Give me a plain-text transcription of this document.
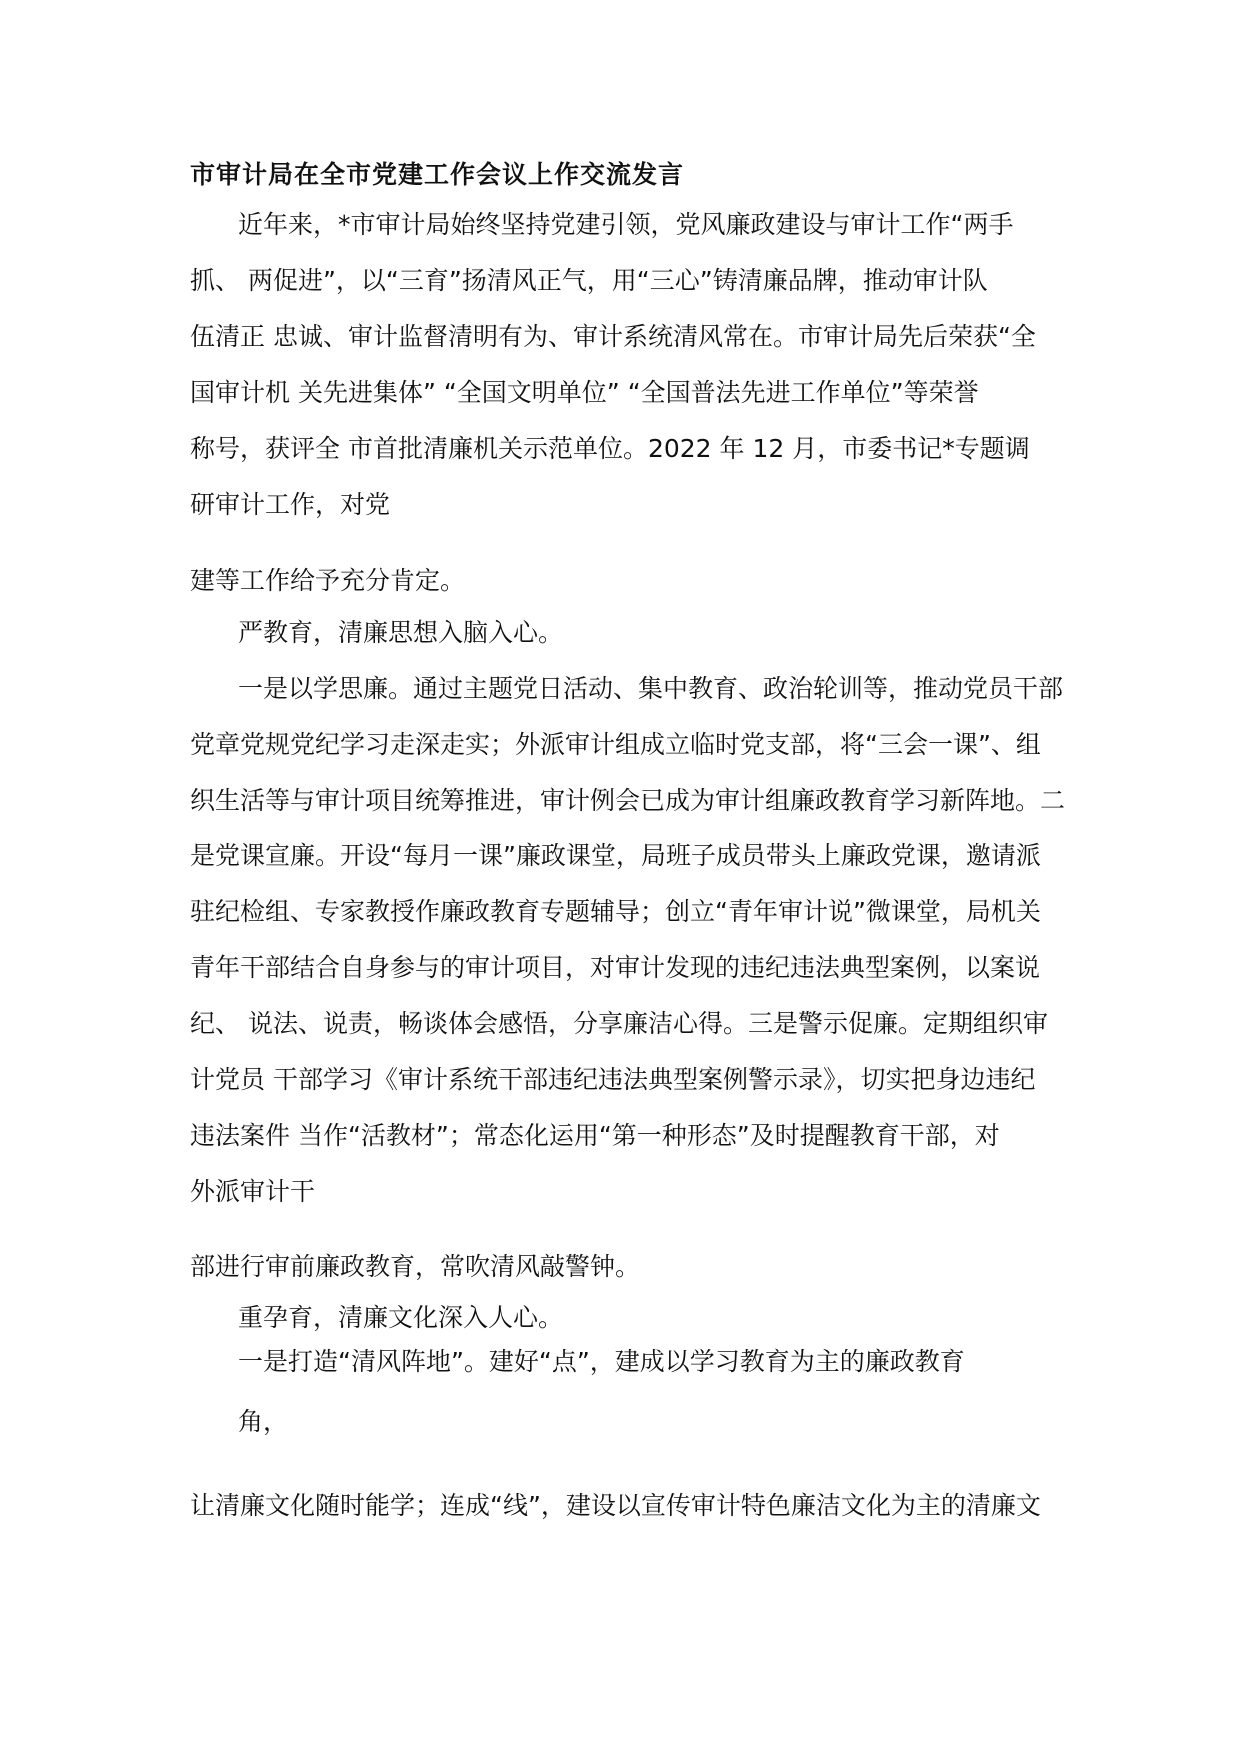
市审计局在全市党建工作会议上作交流发言
近年来，*市审计局始终坚持党建引领，党风廉政建设与审计工作“两手
抓、 两促进”，以“三育”扬清风正气，用“三心”铸清廉品牌，推动审计队
伍清正 忠诚、审计监督清明有为、审计系统清风常在。市审计局先后荣获“全
国审计机 关先进集体” “全国文明单位” “全国普法先进工作单位”等荣誉
称号，获评全 市首批清廉机关示范单位。2022 年 12 月，市委书记*专题调
研审计工作，对党
建等工作给予充分肯定。
严教育，清廉思想入脑入心。
一是以学思廉。通过主题党日活动、集中教育、政治轮训等，推动党员干部
党章党规党纪学习走深走实；外派审计组成立临时党支部，将“三会一课”、组
织生活等与审计项目统筹推进，审计例会已成为审计组廉政教育学习新阵地。二
是党课宣廉。开设“每月一课”廉政课堂，局班子成员带头上廉政党课，邀请派
驻纪检组、专家教授作廉政教育专题辅导；创立“青年审计说”微课堂，局机关
青年干部结合自身参与的审计项目，对审计发现的违纪违法典型案例，以案说
纪、 说法、说责，畅谈体会感悟，分享廉洁心得。三是警示促廉。定期组织审
计党员 干部学习《审计系统干部违纪违法典型案例警示录》，切实把身边违纪
违法案件 当作“活教材”；常态化运用“第一种形态”及时提醒教育干部，对
外派审计干
部进行审前廉政教育，常吹清风敲警钟。
重孕育，清廉文化深入人心。
一是打造“清风阵地”。建好“点”，建成以学习教育为主的廉政教育
角，
让清廉文化随时能学；连成“线”，建设以宣传审计特色廉洁文化为主的清廉文
